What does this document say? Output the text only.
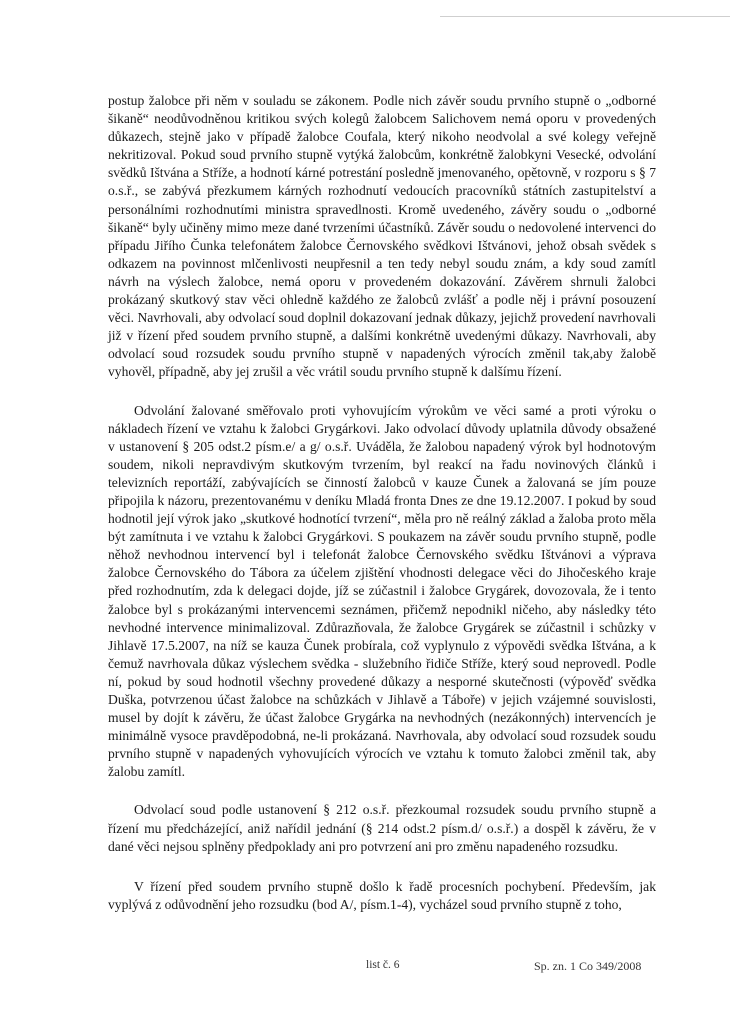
postup žalobce při něm v souladu se zákonem. Podle nich závěr soudu prvního stupně o „odborné šikaně“ neodůvodněnou kritikou svých kolegů žalobcem Salichovem nemá oporu v provedených důkazech, stejně jako v případě žalobce Coufala, který nikoho neodvolal a své kolegy veřejně nekritizoval. Pokud soud prvního stupně vytýká žalobcům, konkrétně žalobkyni Vesecké, odvolání svědků Ištvána a Stříže, a hodnotí kárné potrestání posledně jmenovaného, opětovně, v rozporu s § 7 o.s.ř., se zabývá přezkumem kárných rozhodnutí vedoucích pracovníků státních zastupitelství a personálními rozhodnutími ministra spravedlnosti. Kromě uvedeného, závěry soudu o „odborné šikaně“ byly učiněny mimo meze dané tvrzeními účastníků. Závěr soudu o nedovolené intervenci do případu Jiřího Čunka telefonátem žalobce Černovského svědkovi Ištvánovi, jehož obsah svědek s odkazem na povinnost mlčenlivosti neupřesnil a ten tedy nebyl soudu znám, a kdy soud zamítl návrh na výslech žalobce, nemá oporu v provedeném dokazování. Závěrem shrnuli žalobci prokázaný skutkový stav věci ohledně každého ze žalobců zvlášť a podle něj i právní posouzení věci. Navrhovali, aby odvolací soud doplnil dokazovaní jednak důkazy, jejichž provedení navrhovali již v řízení před soudem prvního stupně, a dalšími konkrétně uvedenými důkazy. Navrhovali, aby odvolací soud rozsudek soudu prvního stupně v napadených výrocích změnil tak,aby žalobě vyhověl, případně, aby jej zrušil a věc vrátil soudu prvního stupně k dalšímu řízení.

Odvolání žalované směřovalo proti vyhovujícím výrokům ve věci samé a proti výroku o nákladech řízení ve vztahu k žalobci Grygárkovi. Jako odvolací důvody uplatnila důvody obsažené v ustanovení § 205 odst.2 písm.e/ a g/ o.s.ř. Uváděla, že žalobou napadený výrok byl hodnotovým soudem, nikoli nepravdivým skutkovým tvrzením, byl reakcí na řadu novinových článků i televizních reportáží, zabývajících se činností žalobců v kauze Čunek a žalovaná se jím pouze připojila k názoru, prezentovanému v deníku Mladá fronta Dnes ze dne 19.12.2007. I pokud by soud hodnotil její výrok jako „skutkové hodnotící tvrzení“, měla pro ně reálný základ a žaloba proto měla být zamítnuta i ve vztahu k žalobci Grygárkovi. S poukazem na závěr soudu prvního stupně, podle něhož nevhodnou intervencí byl i telefonát žalobce Černovského svědku Ištvánovi a výprava žalobce Černovského do Tábora za účelem zjištění vhodnosti delegace věci do Jihočeského kraje před rozhodnutím, zda k delegaci dojde, jíž se zúčastnil i žalobce Grygárek, dovozovala, že i tento žalobce byl s prokázanými intervencemi seznámen, přičemž nepodnikl ničeho, aby následky této nevhodné intervence minimalizoval. Zdůrazňovala, že žalobce Grygárek se zúčastnil i schůzky v Jihlavě 17.5.2007, na níž se kauza Čunek probírala, což vyplynulo z výpovědi svědka Ištvána, a k čemuž navrhovala důkaz výslechem svědka - služebního řidiče Stříže, který soud neprovedl. Podle ní, pokud by soud hodnotil všechny provedené důkazy a nesporné skutečnosti (výpověď svědka Duška, potvrzenou účast žalobce na schůzkách v Jihlavě a Táboře) v jejich vzájemné souvislosti, musel by dojít k závěru, že účast žalobce Grygárka na nevhodných (nezákonných) intervencích je minimálně vysoce pravděpodobná, ne-li prokázaná. Navrhovala, aby odvolací soud rozsudek soudu prvního stupně v napadených vyhovujících výrocích ve vztahu k tomuto žalobci změnil tak, aby žalobu zamítl.

Odvolací soud podle ustanovení § 212 o.s.ř. přezkoumal rozsudek soudu prvního stupně a řízení mu předcházející, aniž nařídil jednání (§ 214 odst.2 písm.d/ o.s.ř.) a dospěl k závěru, že v dané věci nejsou splněny předpoklady ani pro potvrzení ani pro změnu napadeného rozsudku.

V řízení před soudem prvního stupně došlo k řadě procesních pochybení. Především, jak vyplývá z odůvodnění jeho rozsudku (bod A/, písm.1-4), vycházel soud prvního stupně z toho,

list č. 6	Sp. zn. 1 Co 349/2008
